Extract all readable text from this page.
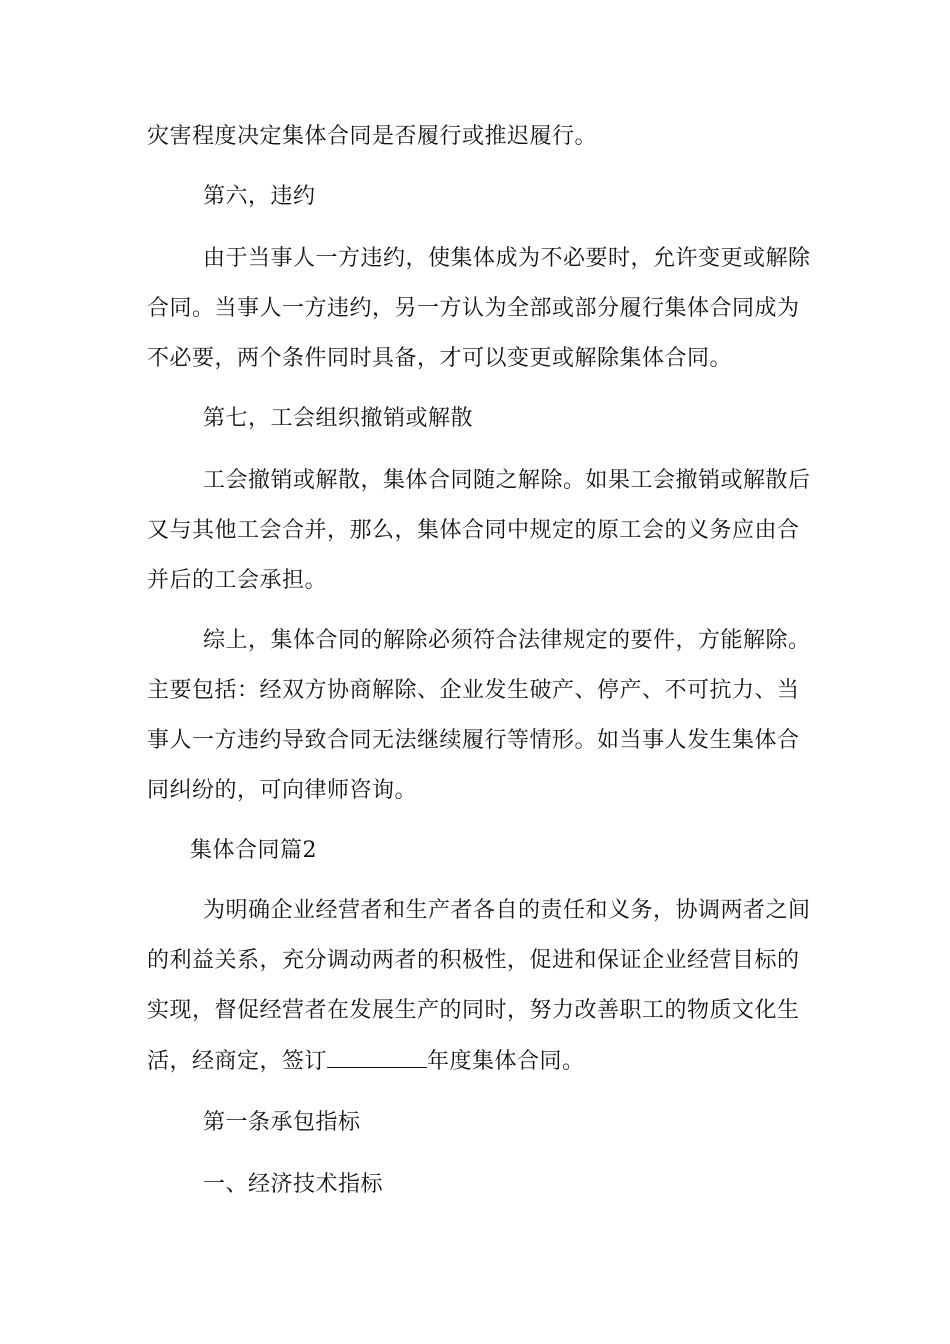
灾害程度决定集体合同是否履行或推迟履行。
第六，违约
由于当事人一方违约，使集体成为不必要时，允许变更或解除
合同。当事人一方违约，另一方认为全部或部分履行集体合同成为
不必要，两个条件同时具备，才可以变更或解除集体合同。
第七，工会组织撤销或解散
工会撤销或解散，集体合同随之解除。如果工会撤销或解散后
又与其他工会合并，那么，集体合同中规定的原工会的义务应由合
并后的工会承担。
综上，集体合同的解除必须符合法律规定的要件，方能解除。
主要包括：经双方协商解除、企业发生破产、停产、不可抗力、当
事人一方违约导致合同无法继续履行等情形。如当事人发生集体合
同纠纷的，可向律师咨询。
集体合同篇2
为明确企业经营者和生产者各自的责任和义务，协调两者之间
的利益关系，充分调动两者的积极性，促进和保证企业经营目标的
实现，督促经营者在发展生产的同时，努力改善职工的物质文化生
活，经商定，签订	年度集体合同。
第一条承包指标
一、经济技术指标
